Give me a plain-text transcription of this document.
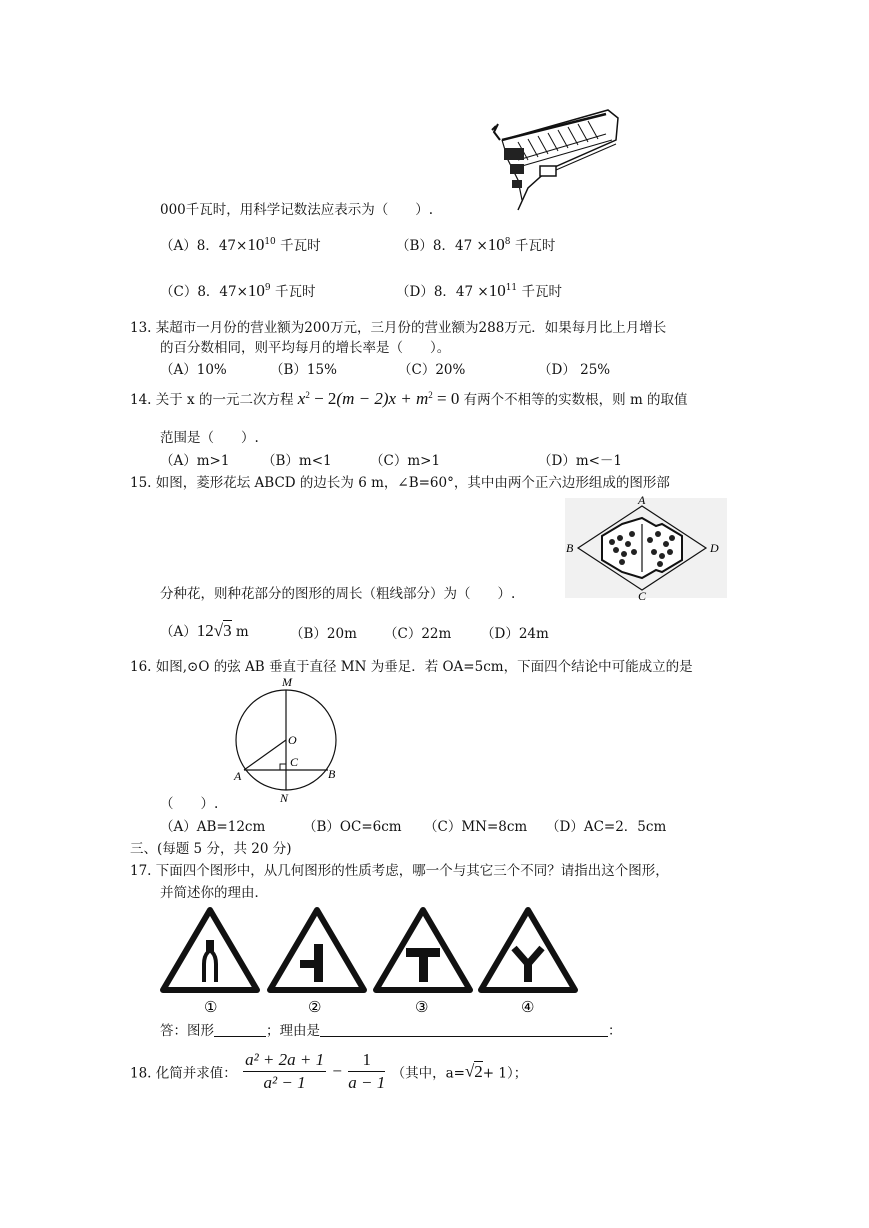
000千瓦时，用科学记数法应表示为（　　）.
（A）8．$47\times 10^{10}$ 千瓦时	（B）8．$47 \times 10^8$ 千瓦时
（C）8．$47\times 10^9$ 千瓦时	（D）8．$47 \times 10^{11}$ 千瓦时
13. 某超市一月份的营业额为200万元，三月份的营业额为288万元．如果每月比上月增长
的百分数相同，则平均每月的增长率是（　　）。
（A）10%	（B）15%	（C）20%	（D） 25%
14. 关于 x 的一元二次方程 $x^2 - 2(m - 2)x + m^2 = 0$ 有两个不相等的实数根，则 m 的取值
范围是（　　）.
（A）m>1 （B）m<1	（C）m>1	（D）m<－1
15. 如图，菱形花坛 ABCD 的边长为 6 m，∠B=60°，其中由两个正六边形组成的图形部
A
B
C
D
分种花，则种花部分的图形的周长（粗线部分）为（　　）.
（A）12√3 m	（B）20m （C）22m （D）24m
16. 如图,⊙O 的弦 AB 垂直于直径 MN 为垂足．若 OA=5cm，下面四个结论中可能成立的是
M
O
C
A	B
N
（　　）.
（A）AB=12cm	（B）OC=6cm （C）MN=8cm （D）AC=2．5cm
三、(每题 5 分，共 20 分)
17. 下面四个图形中，从几何图形的性质考虑，哪一个与其它三个不同？请指出这个图形，
并简述你的理由．
①	②	③	④
答：图形	；理由是	：
18. 化简并求值： $\frac{\text{a² + 2a + 1}}{\text{a² − 1}} - \frac{1}{a - 1}$ （其中，a=√2+ 1）；
